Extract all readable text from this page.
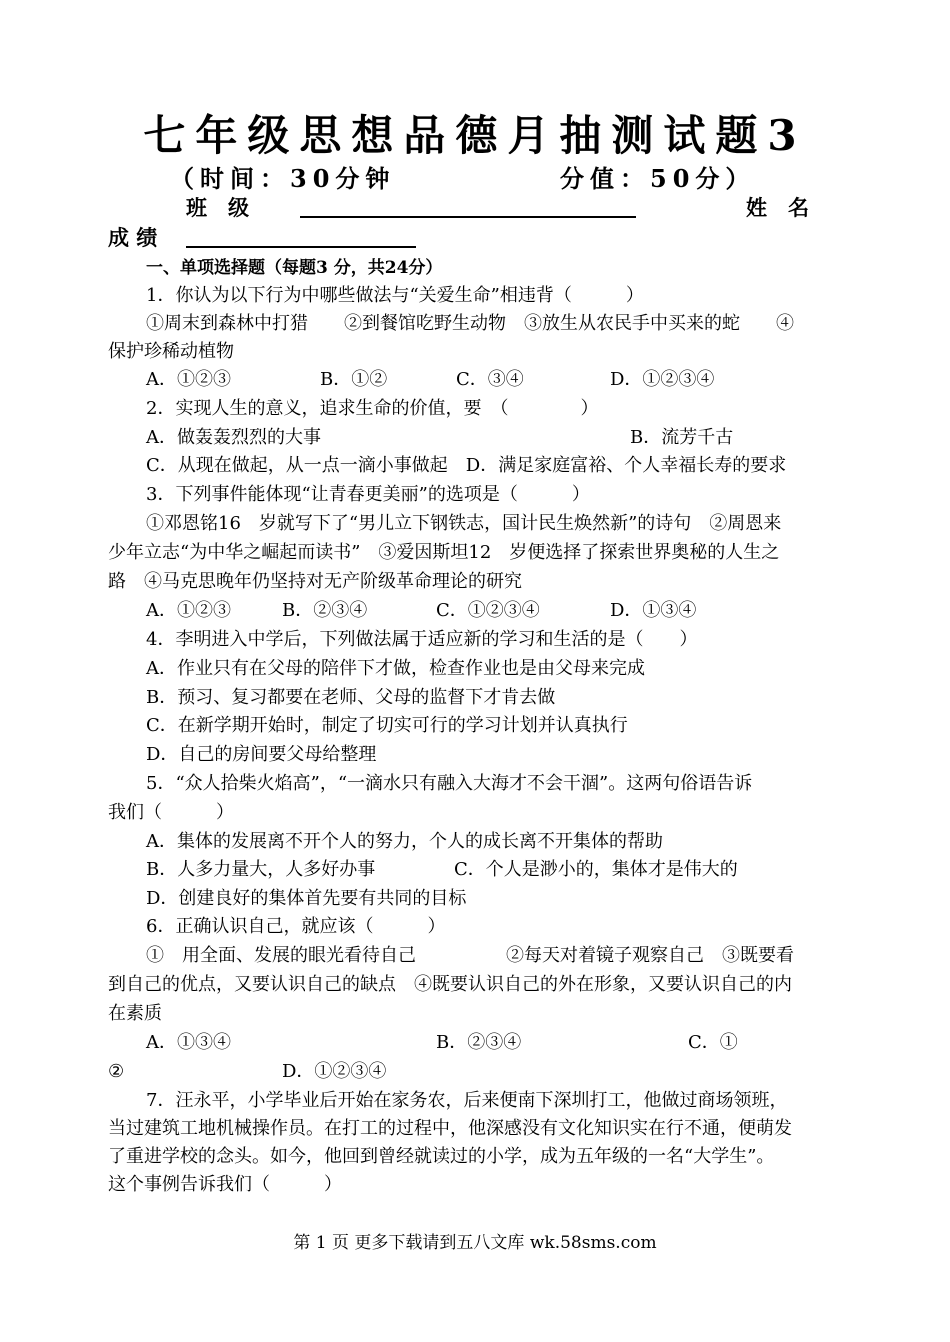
七年级思想品德月抽测试题3
（时间：30分钟	分值：50分）
班　级	姓　名
成 绩
一、单项选择题（每题3 分，共24分）
1．你认为以下行为中哪些做法与“关爱生命”相违背（　　　）
①周末到森林中打猎　　②到餐馆吃野生动物　③放生从农民手中买来的蛇　　④
保护珍稀动植物
A．①②③	B．①②	C．③④	D．①②③④
2．实现人生的意义，追求生命的价值，要　（　　　　）
A．做轰轰烈烈的大事	B．流芳千古
C．从现在做起，从一点一滴小事做起　D．满足家庭富裕、个人幸福长寿的要求
3．下列事件能体现“让青春更美丽”的选项是（　　　）
①邓恩铭16　岁就写下了“男儿立下钢铁志，国计民生焕然新”的诗句　②周恩来
少年立志“为中华之崛起而读书”　③爱因斯坦12　岁便选择了探索世界奥秘的人生之
路　④马克思晚年仍坚持对无产阶级革命理论的研究
A．①②③	B．②③④	C．①②③④	D．①③④
4．李明进入中学后，下列做法属于适应新的学习和生活的是（　　）
A．作业只有在父母的陪伴下才做，检查作业也是由父母来完成
B．预习、复习都要在老师、父母的监督下才肯去做
C．在新学期开始时，制定了切实可行的学习计划并认真执行
D．自己的房间要父母给整理
5．“众人拾柴火焰高”，“一滴水只有融入大海才不会干涸”。这两句俗语告诉
我们（　　　）
A．集体的发展离不开个人的努力，个人的成长离不开集体的帮助
B．人多力量大，人多好办事	C．个人是渺小的，集体才是伟大的
D．创建良好的集体首先要有共同的目标
6．正确认识自己，就应该（　　　）
①　用全面、发展的眼光看待自己　　　　　②每天对着镜子观察自己　③既要看
到自己的优点，又要认识自己的缺点　④既要认识自己的外在形象，又要认识自己的内
在素质
A．①③④	B．②③④	C．①
②	D．①②③④
7．汪永平，小学毕业后开始在家务农，后来便南下深圳打工，他做过商场领班，
当过建筑工地机械操作员。在打工的过程中，他深感没有文化知识实在行不通，便萌发
了重进学校的念头。如今，他回到曾经就读过的小学，成为五年级的一名“大学生”。
这个事例告诉我们（　　　）
第 1 页 更多下载请到五八文库 wk.58sms.com
